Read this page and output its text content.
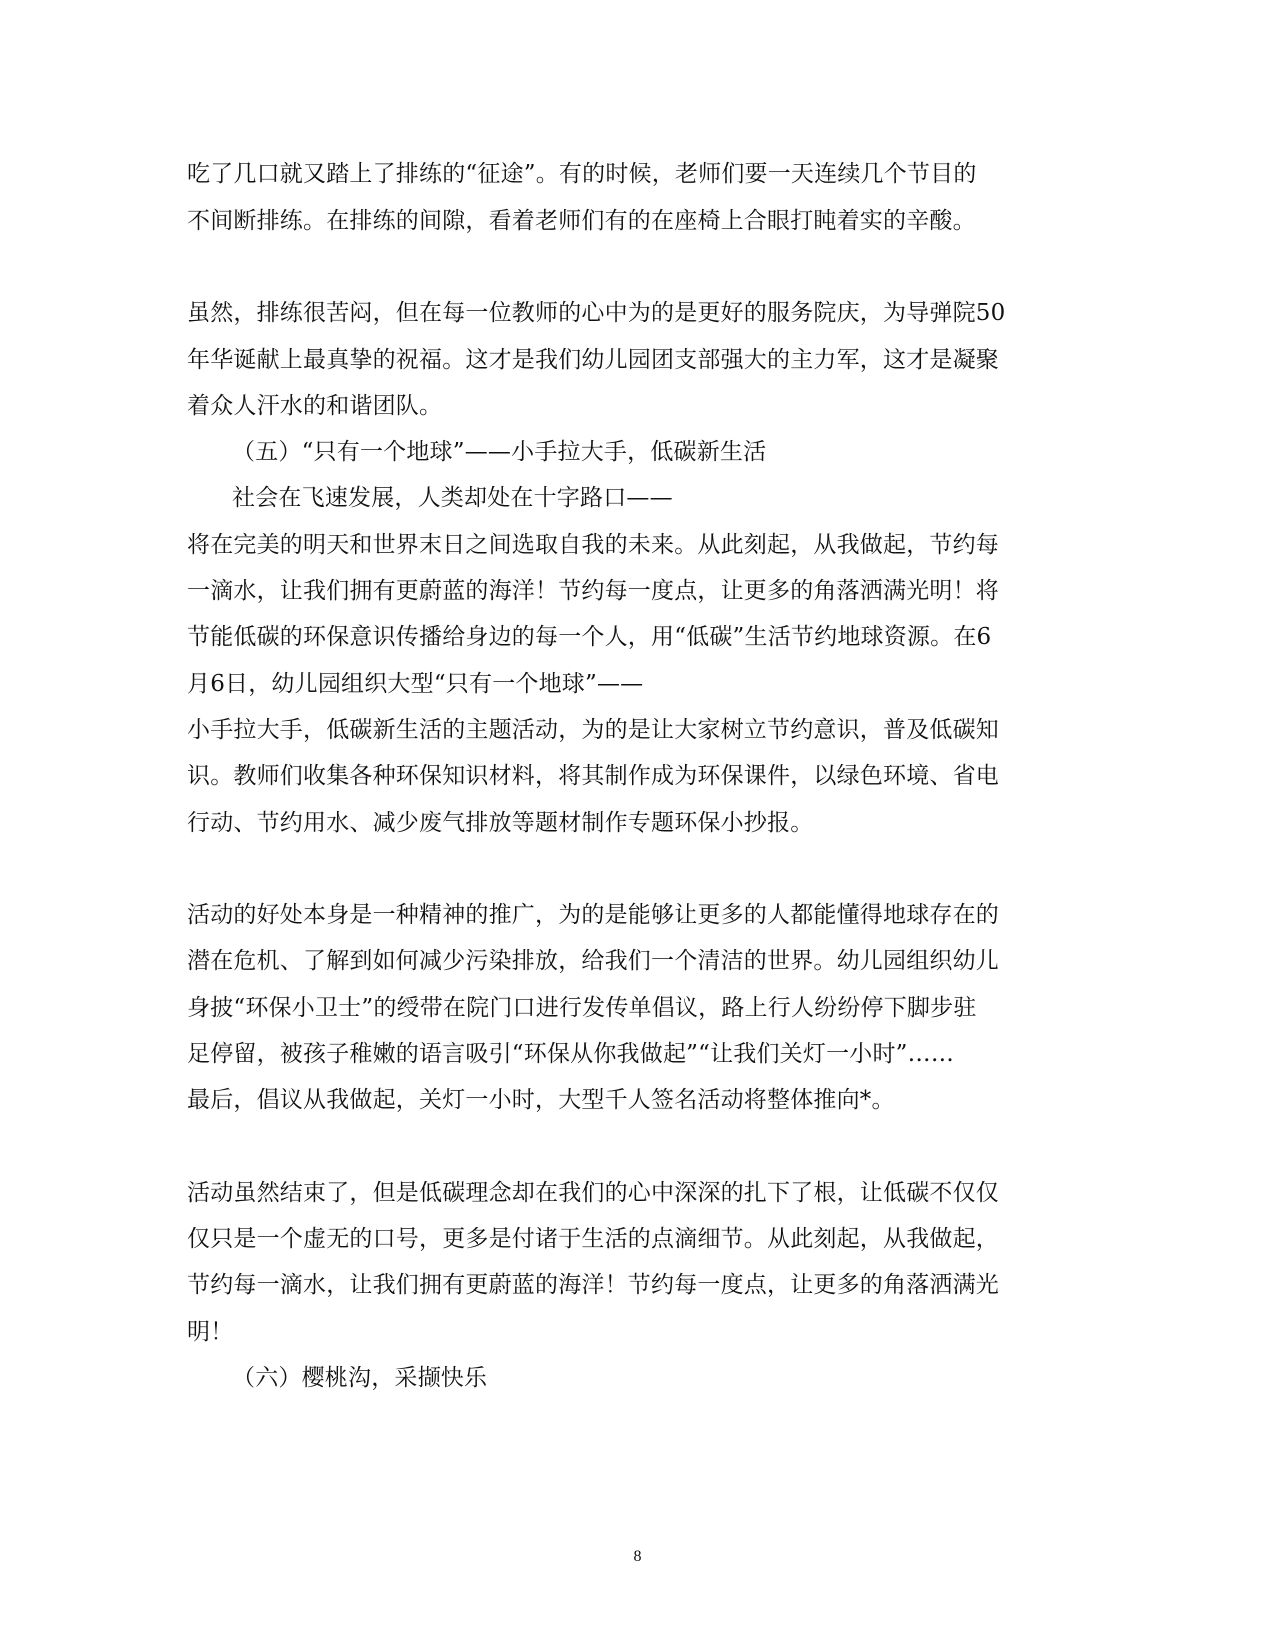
吃了几口就又踏上了排练的“征途”。有的时候，老师们要一天连续几个节目的
不间断排练。在排练的间隙，看着老师们有的在座椅上合眼打盹着实的辛酸。
虽然，排练很苦闷，但在每一位教师的心中为的是更好的服务院庆，为导弹院50
年华诞献上最真挚的祝福。这才是我们幼儿园团支部强大的主力军，这才是凝聚
着众人汗水的和谐团队。
（五）“只有一个地球”——小手拉大手，低碳新生活
社会在飞速发展，人类却处在十字路口——
将在完美的明天和世界末日之间选取自我的未来。从此刻起，从我做起，节约每
一滴水，让我们拥有更蔚蓝的海洋！节约每一度点，让更多的角落洒满光明！将
节能低碳的环保意识传播给身边的每一个人，用“低碳”生活节约地球资源。在6
月6日，幼儿园组织大型“只有一个地球”——
小手拉大手，低碳新生活的主题活动，为的是让大家树立节约意识，普及低碳知
识。教师们收集各种环保知识材料，将其制作成为环保课件，以绿色环境、省电
行动、节约用水、减少废气排放等题材制作专题环保小抄报。
活动的好处本身是一种精神的推广，为的是能够让更多的人都能懂得地球存在的
潜在危机、了解到如何减少污染排放，给我们一个清洁的世界。幼儿园组织幼儿
身披“环保小卫士”的绶带在院门口进行发传单倡议，路上行人纷纷停下脚步驻
足停留，被孩子稚嫩的语言吸引“环保从你我做起”“让我们关灯一小时”……
最后，倡议从我做起，关灯一小时，大型千人签名活动将整体推向*。
活动虽然结束了，但是低碳理念却在我们的心中深深的扎下了根，让低碳不仅仅
仅只是一个虚无的口号，更多是付诸于生活的点滴细节。从此刻起，从我做起，
节约每一滴水，让我们拥有更蔚蓝的海洋！节约每一度点，让更多的角落洒满光
明！
（六）樱桃沟，采撷快乐
8
